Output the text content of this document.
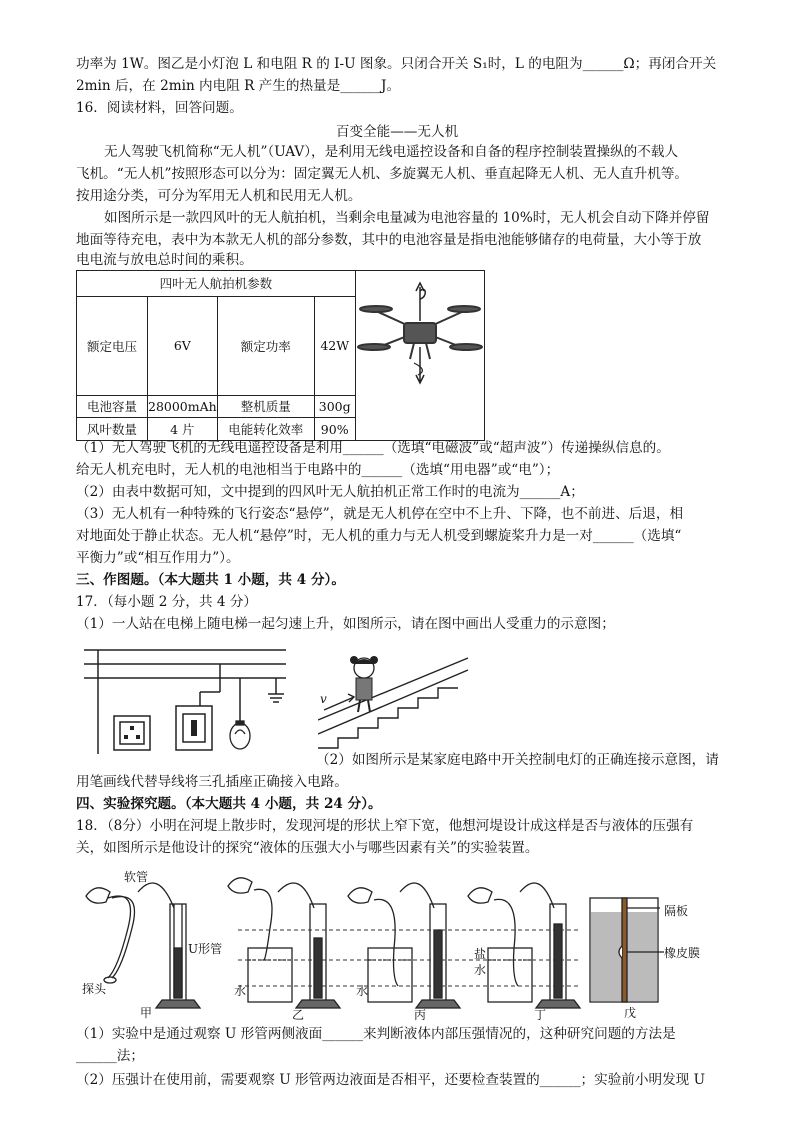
功率为 1W。图乙是小灯泡 L 和电阻 R 的 I-U 图象。只闭合开关 S₁时，L 的电阻为______Ω；再闭合开关
2min 后，在 2min 内电阻 R 产生的热量是______J。
16．阅读材料，回答问题。
百变全能——无人机
无人驾驶飞机简称“无人机”（UAV），是利用无线电遥控设备和自备的程序控制装置操纵的不载人
飞机。“无人机”按照形态可以分为：固定翼无人机、多旋翼无人机、垂直起降无人机、无人直升机等。
按用途分类，可分为军用无人机和民用无人机。
如图所示是一款四风叶的无人航拍机，当剩余电量减为电池容量的 10%时，无人机会自动下降并停留
地面等待充电，表中为本款无人机的部分参数，其中的电池容量是指电池能够储存的电荷量，大小等于放
电电流与放电总时间的乘积。
四叶无人航拍机参数	
额定电压	6V	额定功率	42W	
电池容量	28000mAh	整机质量	300g	
风叶数量	4 片	电能转化效率	90%	
（1）无人驾驶飞机的无线电遥控设备是利用______（选填“电磁波”或“超声波”）传递操纵信息的。
给无人机充电时，无人机的电池相当于电路中的______（选填“用电器”或“电”）；
（2）由表中数据可知，文中提到的四风叶无人航拍机正常工作时的电流为______A；
（3）无人机有一种特殊的飞行姿态“悬停”，就是无人机停在空中不上升、下降，也不前进、后退，相
对地面处于静止状态。无人机“悬停”时，无人机的重力与无人机受到螺旋桨升力是一对______（选填“
平衡力”或“相互作用力”）。
三、作图题。（本大题共 1 小题，共 4 分）。
17．（每小题 2 分，共 4 分）
（1）一人站在电梯上随电梯一起匀速上升，如图所示，请在图中画出人受重力的示意图；
v
（2）如图所示是某家庭电路中开关控制电灯的正确连接示意图，请
用笔画线代替导线将三孔插座正确接入电路。
四、实验探究题。（本大题共 4 小题，共 24 分）。
18．（8分）小明在河堤上散步时，发现河堤的形状上窄下宽，他想河堤设计成这样是否与液体的压强有
关，如图所示是他设计的探究“液体的压强大小与哪些因素有关”的实验装置。
软管
U形管
探头	水	水
盐水
隔板
橡皮膜
甲	乙	丙	丁	戊
（1）实验中是通过观察 U 形管两侧液面______来判断液体内部压强情况的，这种研究问题的方法是
______法；
（2）压强计在使用前，需要观察 U 形管两边液面是否相平，还要检查装置的______；实验前小明发现 U
